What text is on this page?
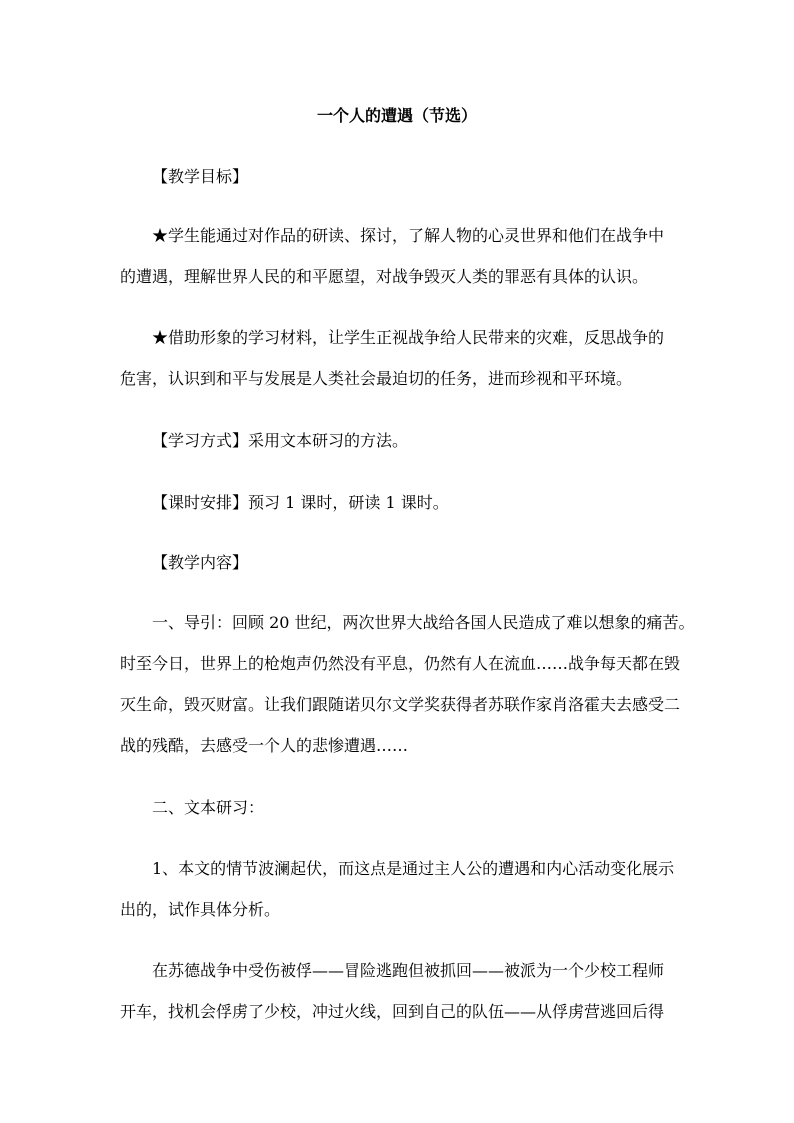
一个人的遭遇（节选）
【教学目标】
★学生能通过对作品的研读、探讨，了解人物的心灵世界和他们在战争中
的遭遇，理解世界人民的和平愿望，对战争毁灭人类的罪恶有具体的认识。
★借助形象的学习材料，让学生正视战争给人民带来的灾难，反思战争的
危害，认识到和平与发展是人类社会最迫切的任务，进而珍视和平环境。
【学习方式】采用文本研习的方法。
【课时安排】预习 1 课时，研读 1 课时。
【教学内容】
一、导引：回顾 20 世纪，两次世界大战给各国人民造成了难以想象的痛苦。
时至今日，世界上的枪炮声仍然没有平息，仍然有人在流血……战争每天都在毁
灭生命，毁灭财富。让我们跟随诺贝尔文学奖获得者苏联作家肖洛霍夫去感受二
战的残酷，去感受一个人的悲惨遭遇……
二、文本研习：
1、本文的情节波澜起伏，而这点是通过主人公的遭遇和内心活动变化展示
出的，试作具体分析。
在苏德战争中受伤被俘——冒险逃跑但被抓回——被派为一个少校工程师
开车，找机会俘虏了少校，冲过火线，回到自己的队伍——从俘虏营逃回后得
